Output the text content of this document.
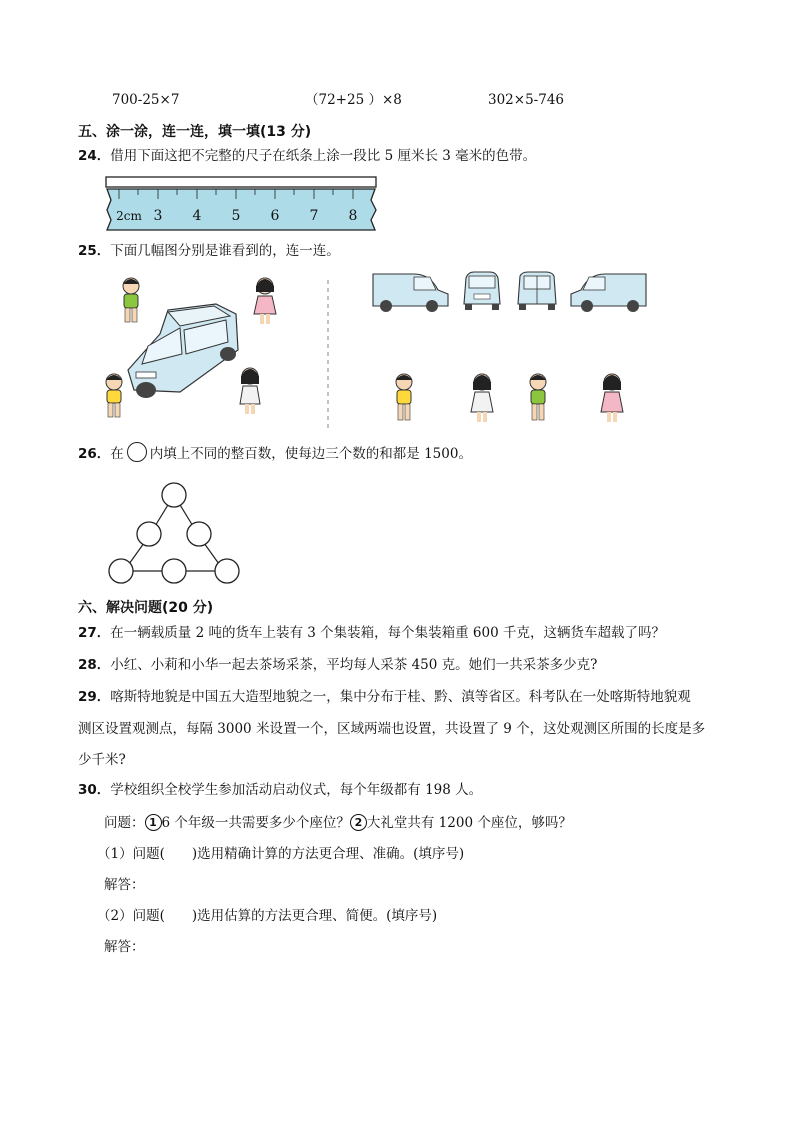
700-25×7	（72+25 ）×8	302×5-746
五、涂一涂，连一连，填一填(13 分)
24．借用下面这把不完整的尺子在纸条上涂一段比 5 厘米长 3 毫米的色带。
2cm 3 4 5 6 7 8
25．下面几幅图分别是谁看到的，连一连。
26．在 内填上不同的整百数，使每边三个数的和都是 1500。
六、解决问题(20 分)
27．在一辆载质量 2 吨的货车上装有 3 个集装箱，每个集装箱重 600 千克，这辆货车超载了吗？
28．小红、小莉和小华一起去茶场采茶，平均每人采茶 450 克。她们一共采茶多少克?
29．喀斯特地貌是中国五大造型地貌之一，集中分布于桂、黔、滇等省区。科考队在一处喀斯特地貌观
测区设置观测点，每隔 3000 米设置一个，区域两端也设置，共设置了 9 个，这处观测区所围的长度是多
少千米?
30．学校组织全校学生参加活动启动仪式，每个年级都有 198 人。
问题： 1 6 个年级一共需要多少个座位？ 2 大礼堂共有 1200 个座位，够吗？
（1）问题(　　)选用精确计算的方法更合理、准确。(填序号)
解答：
（2）问题(　　)选用估算的方法更合理、简便。(填序号)
解答：
